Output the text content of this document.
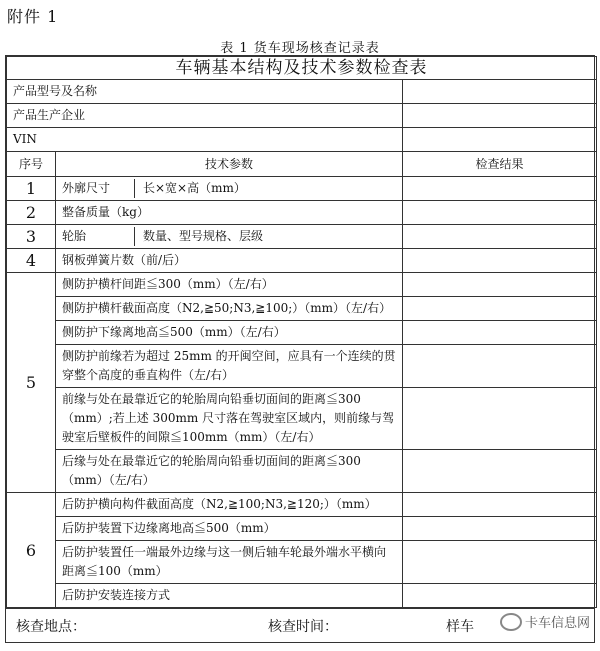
附件 1
表 1 货车现场核查记录表
车辆基本结构及技术参数检查表		
产品型号及名称		
产品生产企业		
VIN		
序号	技术参数	检查结果
1	外廓尺寸 长×宽×高（mm）	

2	整备质量（kg）	
3	轮胎 数量、型号规格、层级	

4	钢板弹簧片数（前/后）	
5	侧防护横杆间距≦300（mm）（左/右）	
	侧防护横杆截面高度（N2,≧50;N3,≧100;）（mm）（左/右）	
	侧防护下缘离地高≦500（mm）（左/右）	
	侧防护前缘若为超过 25mm 的开闽空间，应具有一个连续的贯穿整个高度的垂直构件（左/右）	
	前缘与处在最靠近它的轮胎周向铅垂切面间的距离≦300（mm）;若上述 300mm 尺寸落在驾驶室区域内，则前缘与驾驶室后壁板件的间隙≦100mm（mm）（左/右）	
	后缘与处在最靠近它的轮胎周向铅垂切面间的距离≦300（mm）（左/右）	
6	后防护横向构件截面高度（N2,≧100;N3,≧120;）（mm）	
	后防护装置下边缘离地高≦500（mm）	
	后防护装置任一端最外边缘与这一侧后轴车轮最外端水平横向距离≦100（mm）	
	后防护安装连接方式	
核查地点：	核查时间：	样车	卡车信息网
